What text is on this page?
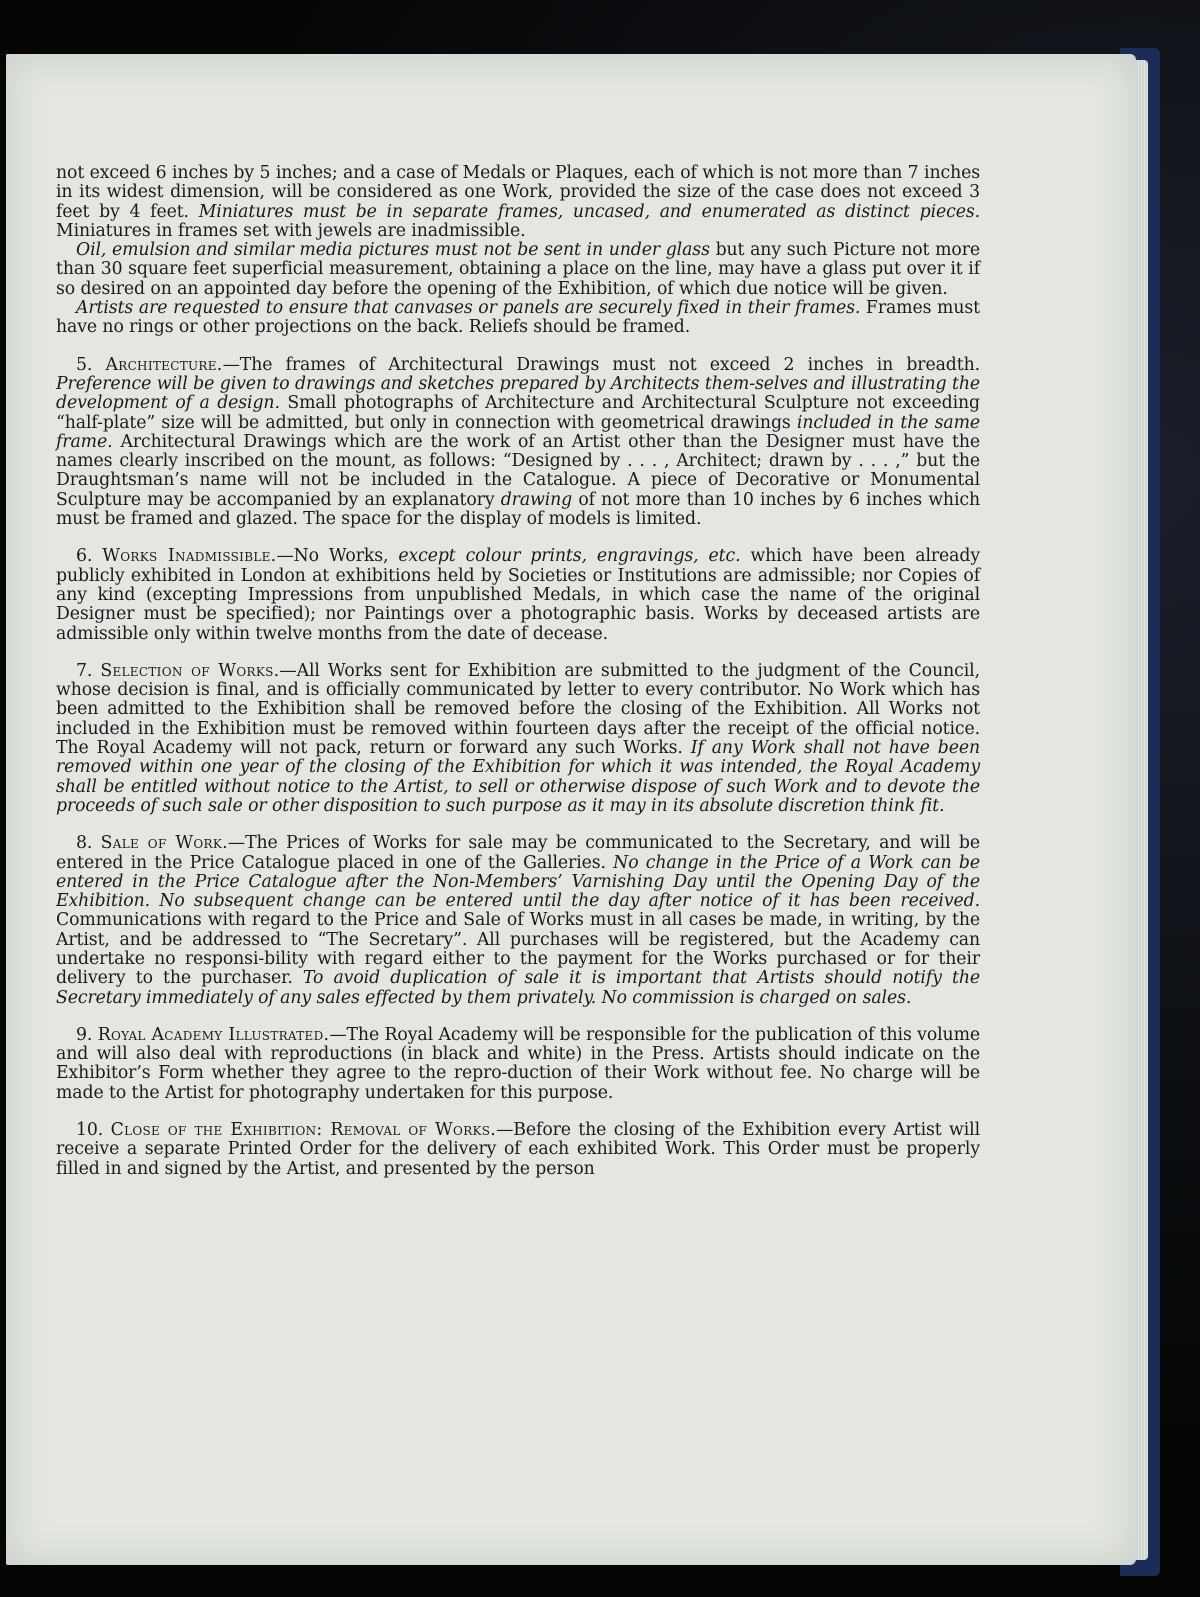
not exceed 6 inches by 5 inches; and a case of Medals or Plaques, each of which is not more than 7 inches in its widest dimension, will be considered as one Work, provided the size of the case does not exceed 3 feet by 4 feet. Miniatures must be in separate frames, uncased, and enumerated as distinct pieces. Miniatures in frames set with jewels are inadmissible.

Oil, emulsion and similar media pictures must not be sent in under glass but any such Picture not more than 30 square feet superficial measurement, obtaining a place on the line, may have a glass put over it if so desired on an appointed day before the opening of the Exhibition, of which due notice will be given.

Artists are requested to ensure that canvases or panels are securely fixed in their frames. Frames must have no rings or other projections on the back. Reliefs should be framed.

5. Architecture.—The frames of Architectural Drawings must not exceed 2 inches in breadth. Preference will be given to drawings and sketches prepared by Architects them-selves and illustrating the development of a design. Small photographs of Architecture and Architectural Sculpture not exceeding “half-plate” size will be admitted, but only in connection with geometrical drawings included in the same frame. Architectural Drawings which are the work of an Artist other than the Designer must have the names clearly inscribed on the mount, as follows: “Designed by . . . , Architect; drawn by . . . ,” but the Draughtsman’s name will not be included in the Catalogue. A piece of Decorative or Monumental Sculpture may be accompanied by an explanatory drawing of not more than 10 inches by 6 inches which must be framed and glazed. The space for the display of models is limited.

6. Works Inadmissible.—No Works, except colour prints, engravings, etc. which have been already publicly exhibited in London at exhibitions held by Societies or Institutions are admissible; nor Copies of any kind (excepting Impressions from unpublished Medals, in which case the name of the original Designer must be specified); nor Paintings over a photographic basis. Works by deceased artists are admissible only within twelve months from the date of decease.

7. Selection of Works.—All Works sent for Exhibition are submitted to the judgment of the Council, whose decision is final, and is officially communicated by letter to every contributor. No Work which has been admitted to the Exhibition shall be removed before the closing of the Exhibition. All Works not included in the Exhibition must be removed within fourteen days after the receipt of the official notice. The Royal Academy will not pack, return or forward any such Works. If any Work shall not have been removed within one year of the closing of the Exhibition for which it was intended, the Royal Academy shall be entitled without notice to the Artist, to sell or otherwise dispose of such Work and to devote the proceeds of such sale or other disposition to such purpose as it may in its absolute discretion think fit.

8. Sale of Work.—The Prices of Works for sale may be communicated to the Secretary, and will be entered in the Price Catalogue placed in one of the Galleries. No change in the Price of a Work can be entered in the Price Catalogue after the Non-Members’ Varnishing Day until the Opening Day of the Exhibition. No subsequent change can be entered until the day after notice of it has been received. Communications with regard to the Price and Sale of Works must in all cases be made, in writing, by the Artist, and be addressed to “The Secretary”. All purchases will be registered, but the Academy can undertake no responsi-bility with regard either to the payment for the Works purchased or for their delivery to the purchaser. To avoid duplication of sale it is important that Artists should notify the Secretary immediately of any sales effected by them privately. No commission is charged on sales.

9. Royal Academy Illustrated.—The Royal Academy will be responsible for the publication of this volume and will also deal with reproductions (in black and white) in the Press. Artists should indicate on the Exhibitor’s Form whether they agree to the repro-duction of their Work without fee. No charge will be made to the Artist for photography undertaken for this purpose.

10. Close of the Exhibition: Removal of Works.—Before the closing of the Exhibition every Artist will receive a separate Printed Order for the delivery of each exhibited Work. This Order must be properly filled in and signed by the Artist, and presented by the person
